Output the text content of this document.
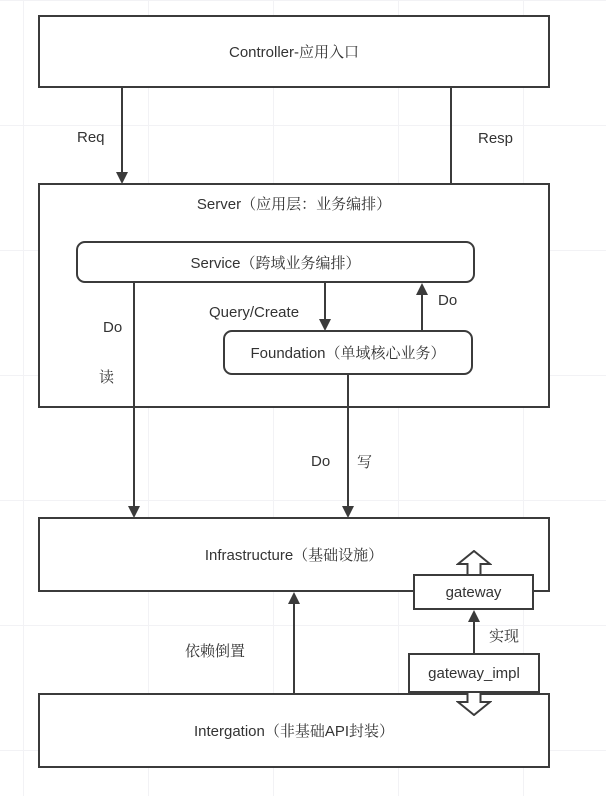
Controller-应用入口
Req	Resp
Server（应用层：业务编排）
Service（跨域业务编排）
Do
读
Query/Create
Do
Foundation（单域核心业务）
Do 写
Infrastructure（基础设施）
依赖倒置
gateway
实现
Intergation（非基础API封装）
gateway_impl
